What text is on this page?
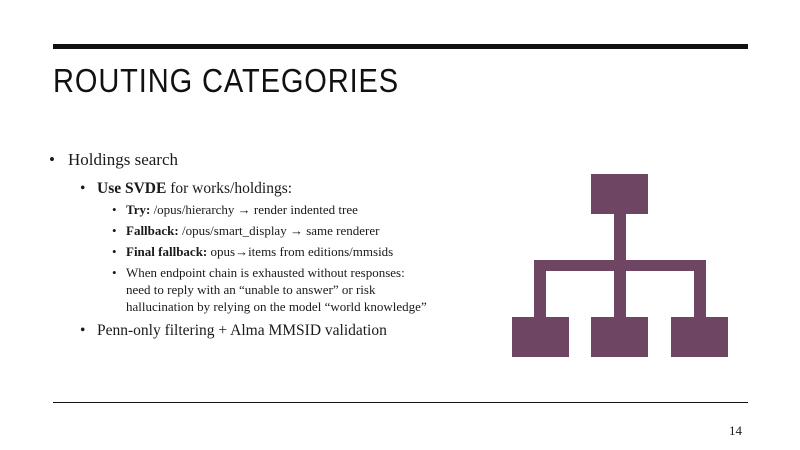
ROUTING CATEGORIES
• Holdings search
• Use SVDE for works/holdings:
• Try: /opus/hierarchy → render indented tree
• Fallback: /opus/smart_display → same renderer
• Final fallback: opus→items from editions/mmsids
• When endpoint chain is exhausted without responses:
need to reply with an “unable to answer” or risk
hallucination by relying on the model “world knowledge”
• Penn-only filtering + Alma MMSID validation
14
